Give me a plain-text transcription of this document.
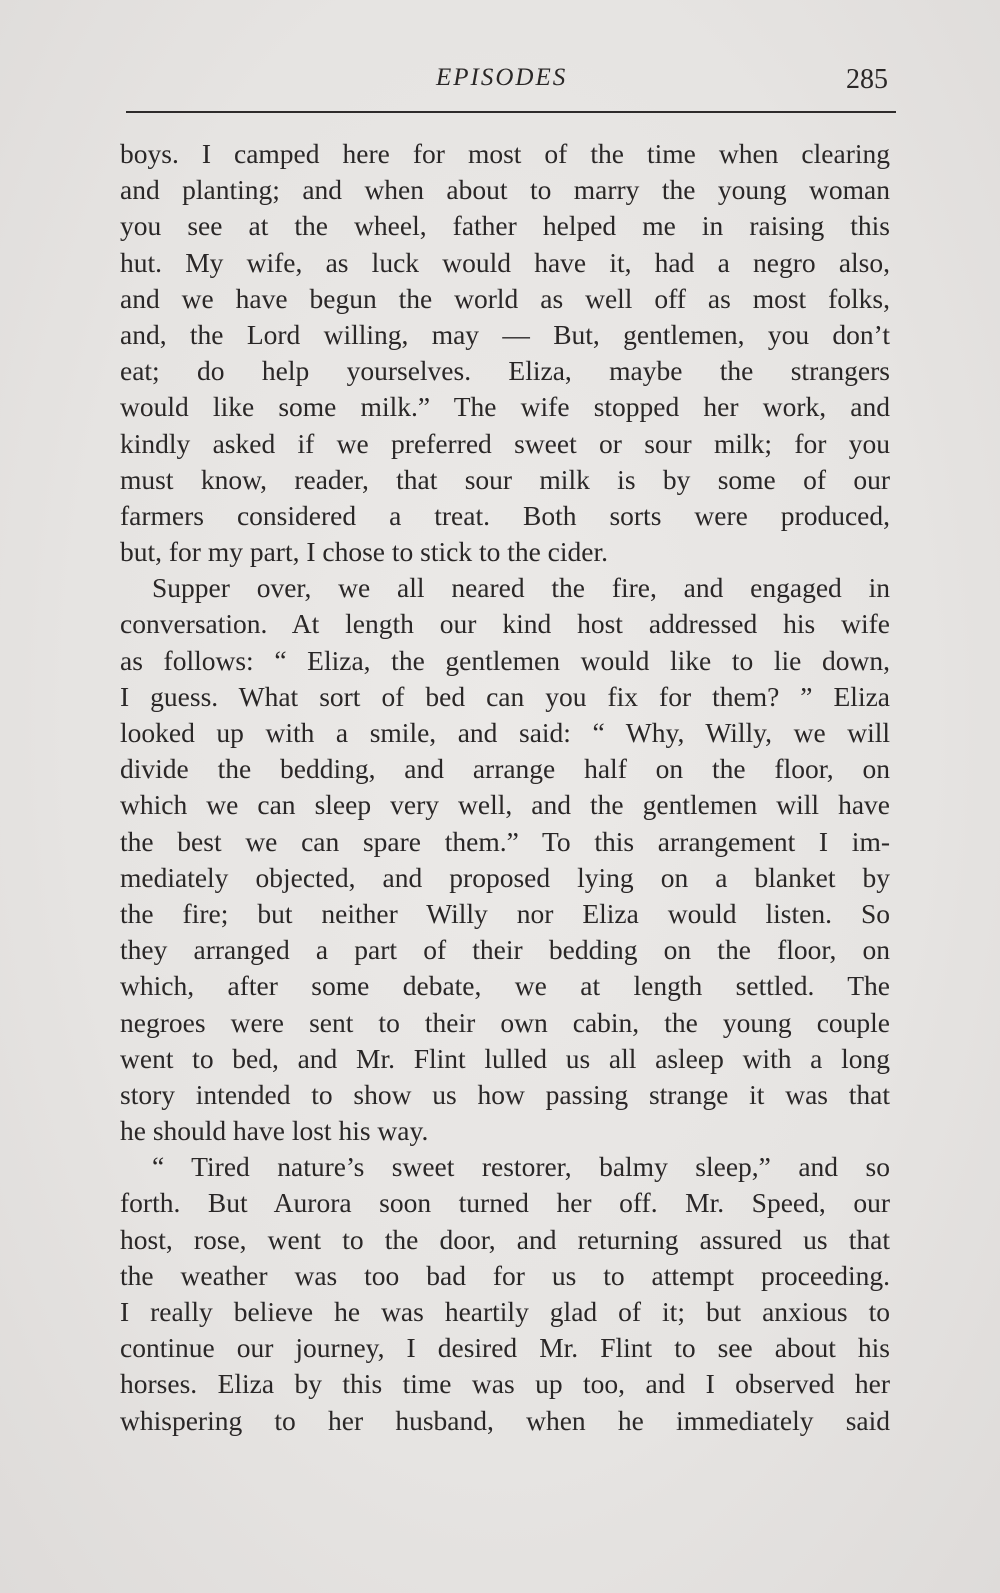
EPISODES	285
boys. I camped here for most of the time when clearing
and planting; and when about to marry the young woman
you see at the wheel, father helped me in raising this
hut. My wife, as luck would have it, had a negro also,
and we have begun the world as well off as most folks,
and, the Lord willing, may — But, gentlemen, you don’t
eat; do help yourselves. Eliza, maybe the strangers
would like some milk.” The wife stopped her work, and
kindly asked if we preferred sweet or sour milk; for you
must know, reader, that sour milk is by some of our
farmers considered a treat. Both sorts were produced,
but, for my part, I chose to stick to the cider.
Supper over, we all neared the fire, and engaged in
conversation. At length our kind host addressed his wife
as follows: “ Eliza, the gentlemen would like to lie down,
I guess. What sort of bed can you fix for them? ” Eliza
looked up with a smile, and said: “ Why, Willy, we will
divide the bedding, and arrange half on the floor, on
which we can sleep very well, and the gentlemen will have
the best we can spare them.” To this arrangement I im-
mediately objected, and proposed lying on a blanket by
the fire; but neither Willy nor Eliza would listen. So
they arranged a part of their bedding on the floor, on
which, after some debate, we at length settled. The
negroes were sent to their own cabin, the young couple
went to bed, and Mr. Flint lulled us all asleep with a long
story intended to show us how passing strange it was that
he should have lost his way.
“ Tired nature’s sweet restorer, balmy sleep,” and so
forth. But Aurora soon turned her off. Mr. Speed, our
host, rose, went to the door, and returning assured us that
the weather was too bad for us to attempt proceeding.
I really believe he was heartily glad of it; but anxious to
continue our journey, I desired Mr. Flint to see about his
horses. Eliza by this time was up too, and I observed her
whispering to her husband, when he immediately said
